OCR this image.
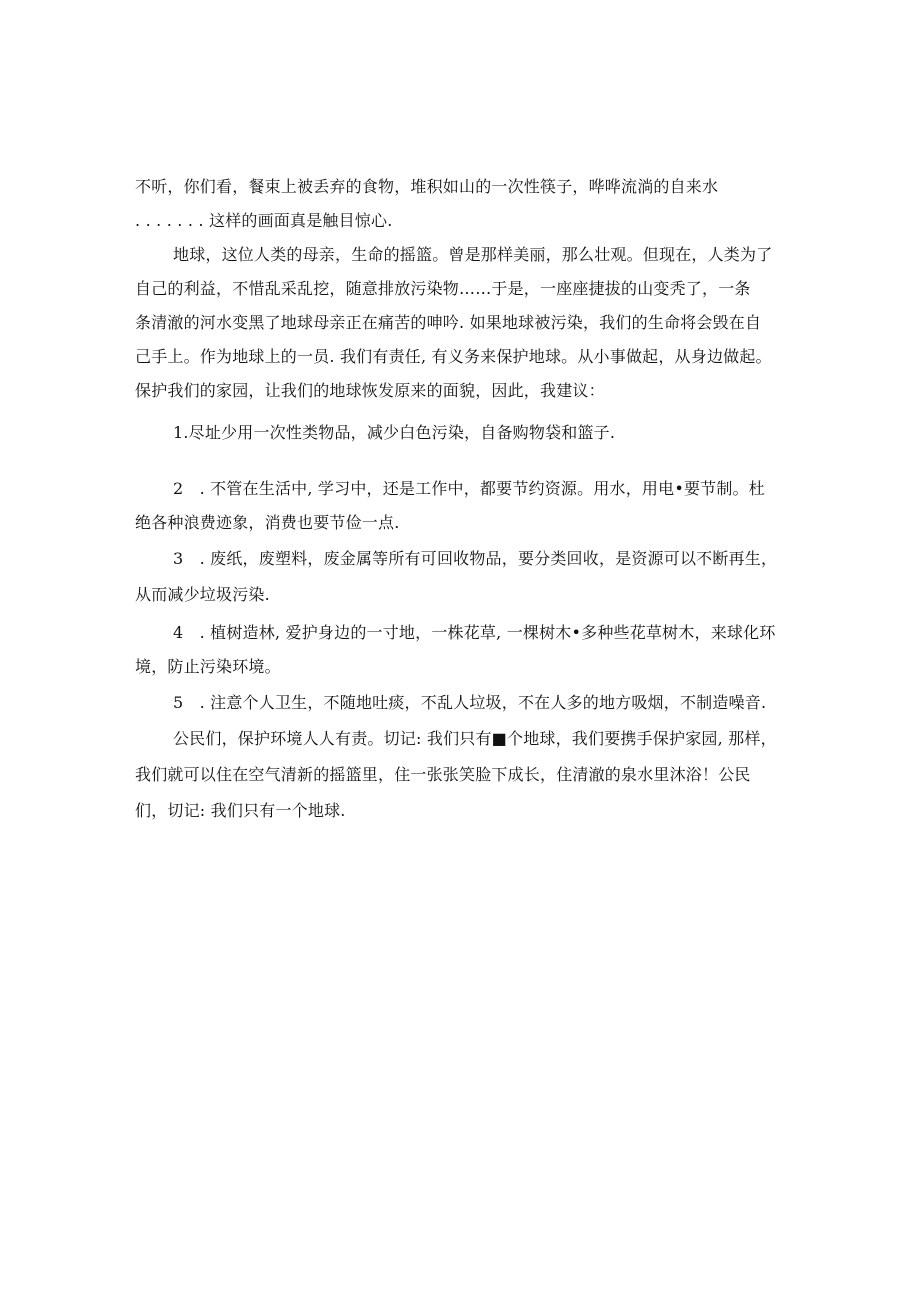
不听，你们看，餐束上被丢弃的食物，堆积如山的一次性筷子，哗哗流淌的自来水
. . . . . . . 这样的画面真是触目惊心.
地球，这位人类的母亲，生命的摇篮。曾是那样美丽，那么壮观。但现在，人类为了
自己的利益，不惜乱采乱挖，随意排放污染物……于是，一座座捷拔的山变秃了，一条
条清澈的河水变黑了地球母亲正在痛苦的呻吟. 如果地球被污染，我们的生命将会毁在自
己手上。作为地球上的一员. 我们有责任, 有义务来保护地球。从小事做起，从身边做起。
保护我们的家园，让我们的地球恢发原来的面貌，因此，我建议：
1.尽址少用一次性类物品，减少白色污染，自备购物袋和篮子.
2　. 不管在生活中, 学习中，还是工作中，都要节约资源。用水，用电•要节制。杜
绝各种浪费迹象，消费也要节俭一点.
3　. 废纸，废塑料，废金属等所有可回收物品，要分类回收，是资源可以不断再生，
从而减少垃圾污染.
4　. 植树造林, 爱护身边的一寸地，一株花草, 一棵树木•多种些花草树木，来球化环
境，防止污染环境。
5　. 注意个人卫生，不随地吐痰，不乱人垃圾，不在人多的地方吸烟，不制造噪音.
公民们，保护环境人人有责。切记: 我们只有■个地球，我们要携手保护家园, 那样，
我们就可以住在空气清新的摇篮里，住一张张笑脸下成长，住清澈的泉水里沐浴！公民
们，切记: 我们只有一个地球.
